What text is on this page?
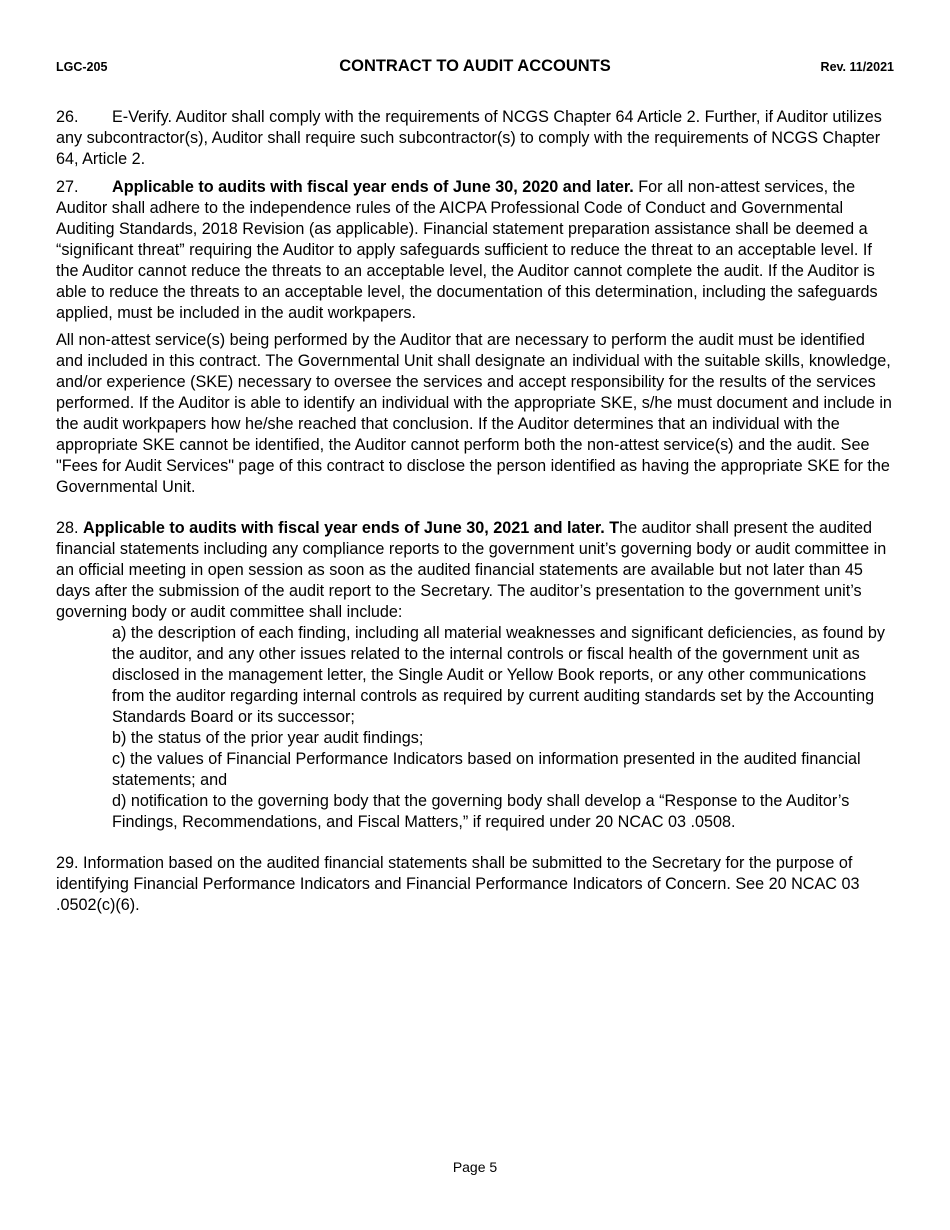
LGC-205	CONTRACT TO AUDIT ACCOUNTS	Rev. 11/2021

26. E-Verify. Auditor shall comply with the requirements of NCGS Chapter 64 Article 2. Further, if Auditor utilizes any subcontractor(s), Auditor shall require such subcontractor(s) to comply with the requirements of NCGS Chapter 64, Article 2.

27. Applicable to audits with fiscal year ends of June 30, 2020 and later. For all non-attest services, the Auditor shall adhere to the independence rules of the AICPA Professional Code of Conduct and Governmental Auditing Standards, 2018 Revision (as applicable). Financial statement preparation assistance shall be deemed a “significant threat” requiring the Auditor to apply safeguards sufficient to reduce the threat to an acceptable level. If the Auditor cannot reduce the threats to an acceptable level, the Auditor cannot complete the audit. If the Auditor is able to reduce the threats to an acceptable level, the documentation of this determination, including the safeguards applied, must be included in the audit workpapers.

All non-attest service(s) being performed by the Auditor that are necessary to perform the audit must be identified and included in this contract. The Governmental Unit shall designate an individual with the suitable skills, knowledge, and/or experience (SKE) necessary to oversee the services and accept responsibility for the results of the services performed. If the Auditor is able to identify an individual with the appropriate SKE, s/he must document and include in the audit workpapers how he/she reached that conclusion. If the Auditor determines that an individual with the appropriate SKE cannot be identified, the Auditor cannot perform both the non-attest service(s) and the audit. See "Fees for Audit Services" page of this contract to disclose the person identified as having the appropriate SKE for the Governmental Unit.

28. Applicable to audits with fiscal year ends of June 30, 2021 and later. The auditor shall present the audited financial statements including any compliance reports to the government unit’s governing body or audit committee in an official meeting in open session as soon as the audited financial statements are available but not later than 45 days after the submission of the audit report to the Secretary. The auditor’s presentation to the government unit’s governing body or audit committee shall include:

a) the description of each finding, including all material weaknesses and significant deficiencies, as found by the auditor, and any other issues related to the internal controls or fiscal health of the government unit as disclosed in the management letter, the Single Audit or Yellow Book reports, or any other communications from the auditor regarding internal controls as required by current auditing standards set by the Accounting Standards Board or its successor;

b) the status of the prior year audit findings;

c) the values of Financial Performance Indicators based on information presented in the audited financial statements; and

d) notification to the governing body that the governing body shall develop a “Response to the Auditor’s Findings, Recommendations, and Fiscal Matters,” if required under 20 NCAC 03 .0508.

29. Information based on the audited financial statements shall be submitted to the Secretary for the purpose of identifying Financial Performance Indicators and Financial Performance Indicators of Concern. See 20 NCAC 03 .0502(c)(6).

Page 5
